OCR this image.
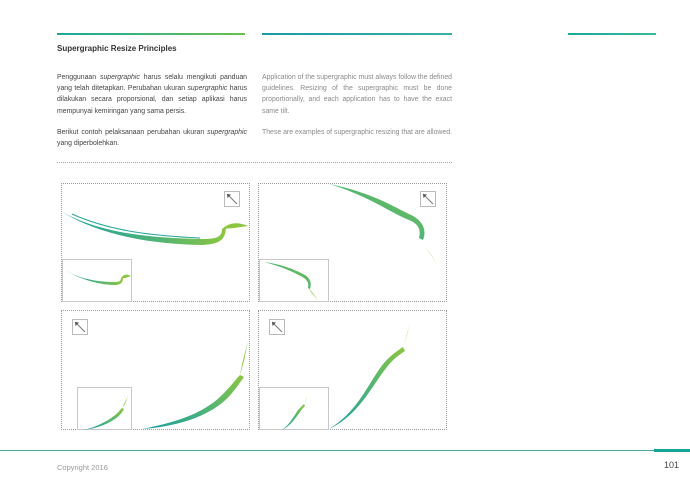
Supergraphic Resize Principles
Penggunaan supergraphic harus selalu mengikuti panduan yang telah ditetapkan. Perubahan ukuran supergraphic harus dilakukan secara proporsional, dan setiap aplikasi harus mempunyai kemiringan yang sama persis.
Berikut contoh pelaksanaan perubahan ukuran supergraphic yang diperbolehkan.
Application of the supergraphic must always follow the defined guidelines. Resizing of the supergraphic must be done proportionally, and each application has to have the exact same tilt.
These are examples of supergraphic resizing that are allowed.
Copyright 2016	101
